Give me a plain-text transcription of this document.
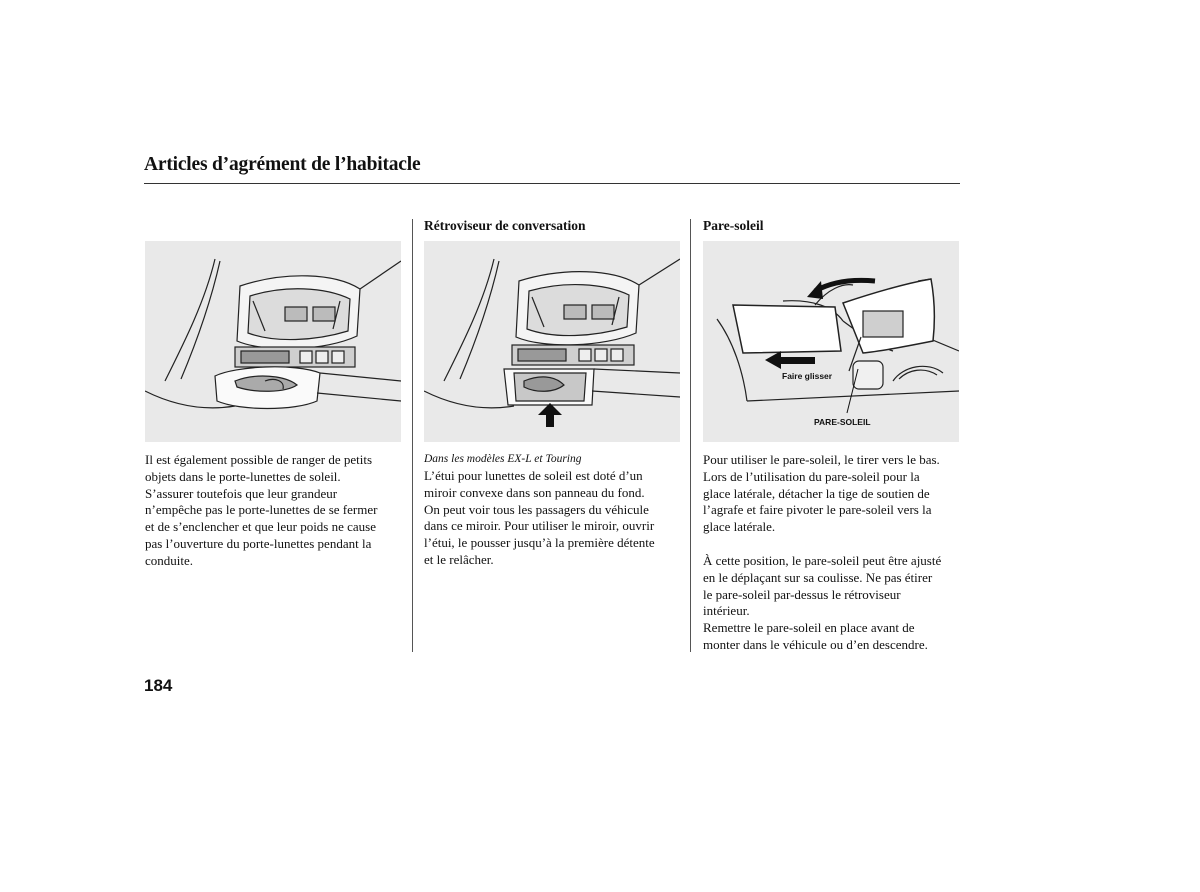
Articles d’agrément de l’habitacle

Il est également possible de ranger de petits
objets dans le porte-lunettes de soleil.
S’assurer toutefois que leur grandeur
n’empêche pas le porte-lunettes de se fermer
et de s’enclencher et que leur poids ne cause
pas l’ouverture du porte-lunettes pendant la
conduite.

Rétroviseur de conversation
Dans les modèles EX-L et Touring

L’étui pour lunettes de soleil est doté d’un
miroir convexe dans son panneau du fond.
On peut voir tous les passagers du véhicule
dans ce miroir. Pour utiliser le miroir, ouvrir
l’étui, le pousser jusqu’à la première détente
et le relâcher.

Pare-soleil
Faire glisser
PARE-SOLEIL

Pour utiliser le pare-soleil, le tirer vers le bas.
Lors de l’utilisation du pare-soleil pour la
glace latérale, détacher la tige de soutien de
l’agrafe et faire pivoter le pare-soleil vers la
glace latérale.

À cette position, le pare-soleil peut être ajusté
en le déplaçant sur sa coulisse. Ne pas étirer
le pare-soleil par-dessus le rétroviseur
intérieur.
Remettre le pare-soleil en place avant de
monter dans le véhicule ou d’en descendre.

184
